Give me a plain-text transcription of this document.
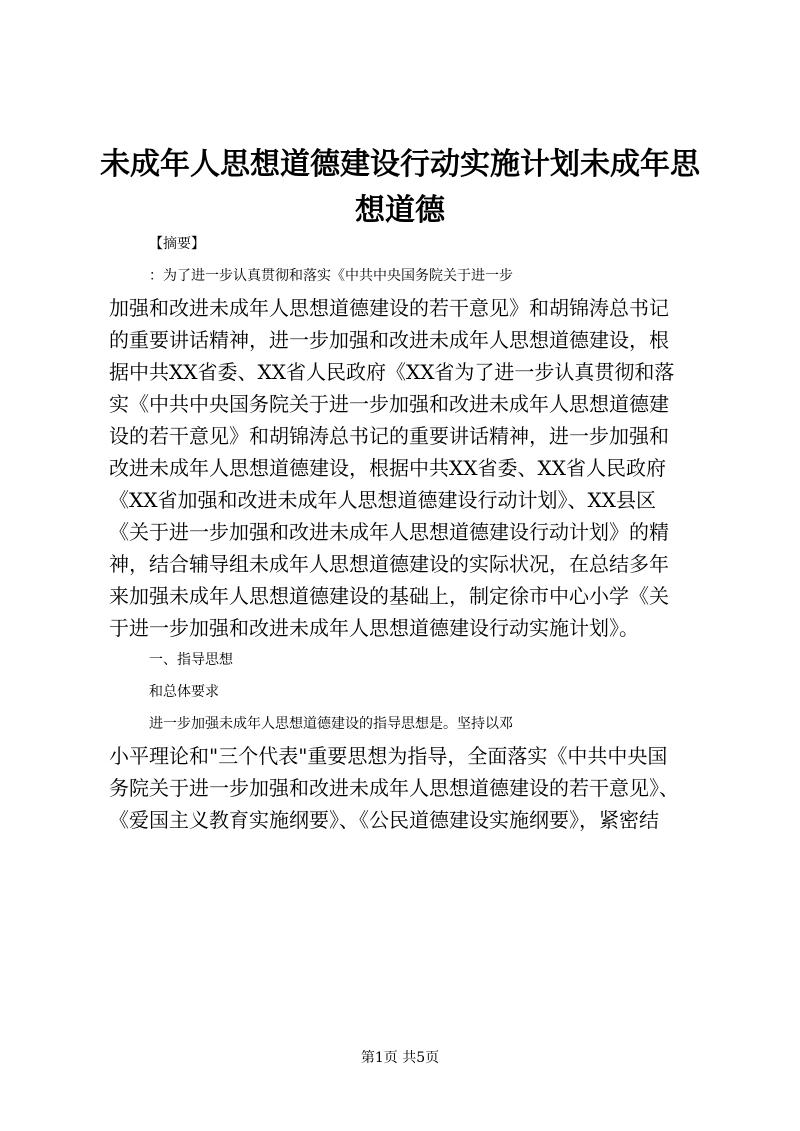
未成年人思想道德建设行动实施计划未成年思
想道德
【摘要】
：为了进一步认真贯彻和落实《中共中央国务院关于进一步
加强和改进未成年人思想道德建设的若干意见》和胡锦涛总书记
的重要讲话精神，进一步加强和改进未成年人思想道德建设，根
据中共XX省委、XX省人民政府《XX省为了进一步认真贯彻和落
实《中共中央国务院关于进一步加强和改进未成年人思想道德建
设的若干意见》和胡锦涛总书记的重要讲话精神，进一步加强和
改进未成年人思想道德建设，根据中共XX省委、XX省人民政府
《XX省加强和改进未成年人思想道德建设行动计划》、XX县区
《关于进一步加强和改进未成年人思想道德建设行动计划》的精
神，结合辅导组未成年人思想道德建设的实际状况，在总结多年
来加强未成年人思想道德建设的基础上，制定徐市中心小学《关
于进一步加强和改进未成年人思想道德建设行动实施计划》。
一、指导思想
和总体要求
进一步加强未成年人思想道德建设的指导思想是。坚持以邓
小平理论和"三个代表"重要思想为指导，全面落实《中共中央国
务院关于进一步加强和改进未成年人思想道德建设的若干意见》、
《爱国主义教育实施纲要》、《公民道德建设实施纲要》，紧密结
第1页 共5页
